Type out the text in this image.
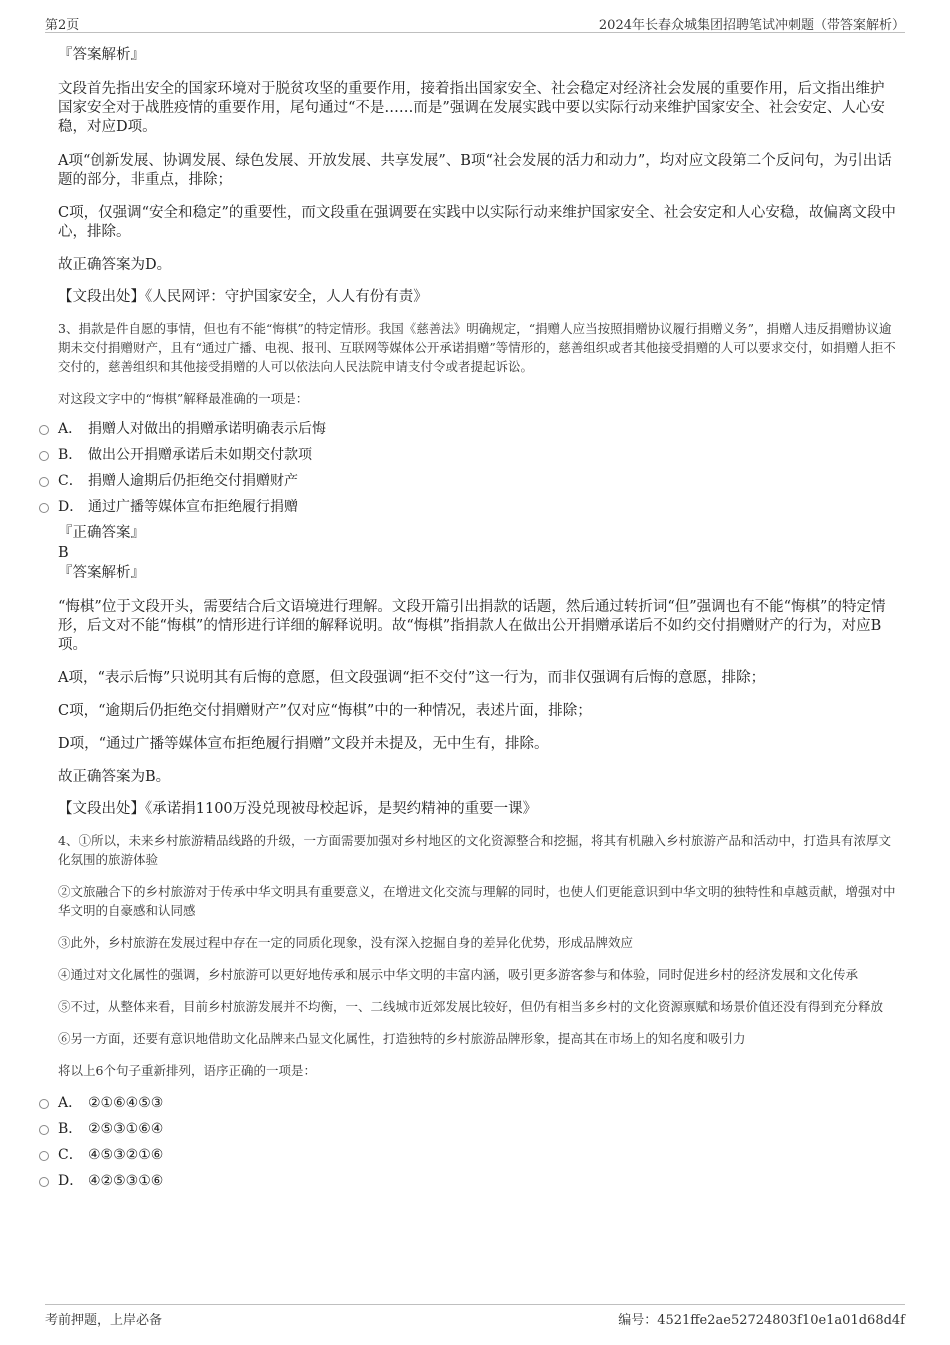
第2页	2024年长春众城集团招聘笔试冲刺题（带答案解析）

『答案解析』

文段首先指出安全的国家环境对于脱贫攻坚的重要作用，接着指出国家安全、社会稳定对经济社会发展的重要作用，后文指出维护国家安全对于战胜疫情的重要作用，尾句通过“不是……而是”强调在发展实践中要以实际行动来维护国家安全、社会安定、人心安稳，对应D项。

A项“创新发展、协调发展、绿色发展、开放发展、共享发展”、B项“社会发展的活力和动力”，均对应文段第二个反问句，为引出话题的部分，非重点，排除；

C项，仅强调“安全和稳定”的重要性，而文段重在强调要在实践中以实际行动来维护国家安全、社会安定和人心安稳，故偏离文段中心，排除。

故正确答案为D。

【文段出处】《人民网评：守护国家安全，人人有份有责》

3、捐款是件自愿的事情，但也有不能“悔棋”的特定情形。我国《慈善法》明确规定，“捐赠人应当按照捐赠协议履行捐赠义务”，捐赠人违反捐赠协议逾期未交付捐赠财产，且有“通过广播、电视、报刊、互联网等媒体公开承诺捐赠”等情形的，慈善组织或者其他接受捐赠的人可以要求交付，如捐赠人拒不交付的，慈善组织和其他接受捐赠的人可以依法向人民法院申请支付令或者提起诉讼。

对这段文字中的“悔棋”解释最准确的一项是：

A． 捐赠人对做出的捐赠承诺明确表示后悔
B． 做出公开捐赠承诺后未如期交付款项
C． 捐赠人逾期后仍拒绝交付捐赠财产
D． 通过广播等媒体宣布拒绝履行捐赠

『正确答案』

B

『答案解析』

“悔棋”位于文段开头，需要结合后文语境进行理解。文段开篇引出捐款的话题，然后通过转折词“但”强调也有不能“悔棋”的特定情形，后文对不能“悔棋”的情形进行详细的解释说明。故“悔棋”指捐款人在做出公开捐赠承诺后不如约交付捐赠财产的行为，对应B项。

A项，“表示后悔”只说明其有后悔的意愿，但文段强调“拒不交付”这一行为，而非仅强调有后悔的意愿，排除；

C项，“逾期后仍拒绝交付捐赠财产”仅对应“悔棋”中的一种情况，表述片面，排除；

D项，“通过广播等媒体宣布拒绝履行捐赠”文段并未提及，无中生有，排除。

故正确答案为B。

【文段出处】《承诺捐1100万没兑现被母校起诉，是契约精神的重要一课》

4、①所以，未来乡村旅游精品线路的升级，一方面需要加强对乡村地区的文化资源整合和挖掘，将其有机融入乡村旅游产品和活动中，打造具有浓厚文化氛围的旅游体验

②文旅融合下的乡村旅游对于传承中华文明具有重要意义，在增进文化交流与理解的同时，也使人们更能意识到中华文明的独特性和卓越贡献，增强对中华文明的自豪感和认同感

③此外，乡村旅游在发展过程中存在一定的同质化现象，没有深入挖掘自身的差异化优势，形成品牌效应

④通过对文化属性的强调，乡村旅游可以更好地传承和展示中华文明的丰富内涵，吸引更多游客参与和体验，同时促进乡村的经济发展和文化传承

⑤不过，从整体来看，目前乡村旅游发展并不均衡，一、二线城市近郊发展比较好，但仍有相当多乡村的文化资源禀赋和场景价值还没有得到充分释放

⑥另一方面，还要有意识地借助文化品牌来凸显文化属性，打造独特的乡村旅游品牌形象，提高其在市场上的知名度和吸引力

将以上6个句子重新排列，语序正确的一项是：

A． ②①⑥④⑤③
B． ②⑤③①⑥④
C． ④⑤③②①⑥
D． ④②⑤③①⑥
考前押题，上岸必备	编号：4521ffe2ae52724803f10e1a01d68d4f
